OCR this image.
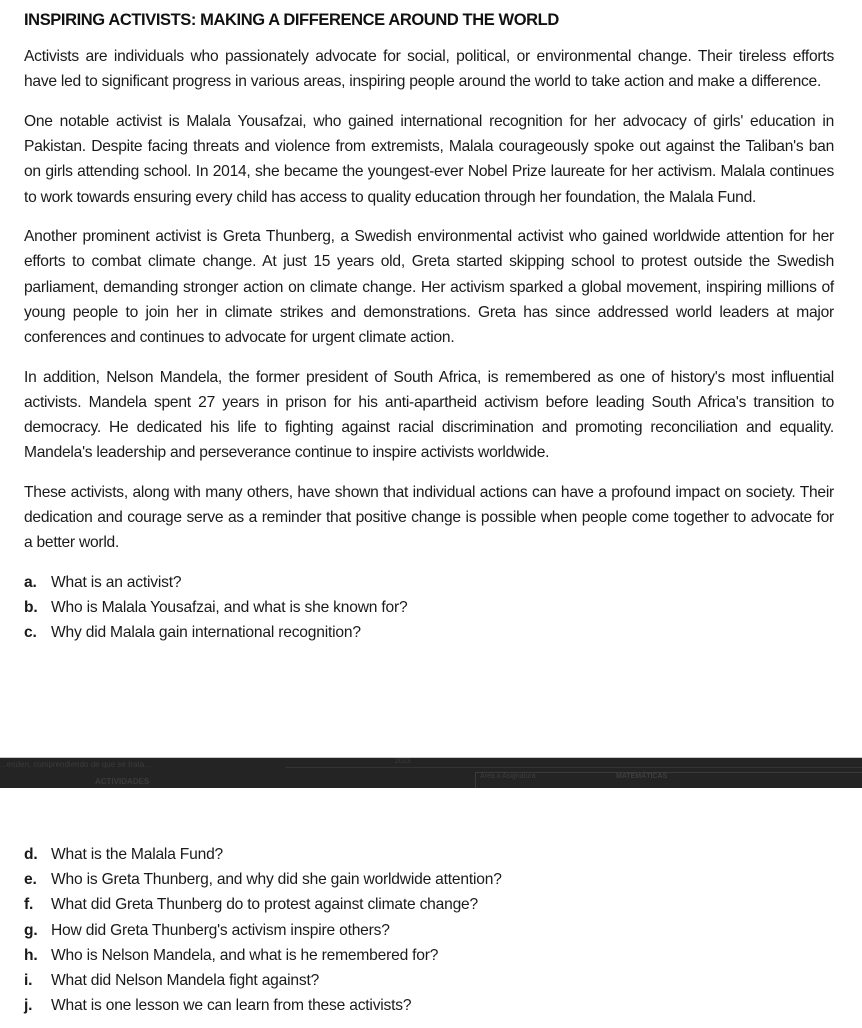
INSPIRING ACTIVISTS: MAKING A DIFFERENCE AROUND THE WORLD

Activists are individuals who passionately advocate for social, political, or environmental change. Their tireless efforts have led to significant progress in various areas, inspiring people around the world to take action and make a difference.

One notable activist is Malala Yousafzai, who gained international recognition for her advocacy of girls' education in Pakistan. Despite facing threats and violence from extremists, Malala courageously spoke out against the Taliban's ban on girls attending school. In 2014, she became the youngest-ever Nobel Prize laureate for her activism. Malala continues to work towards ensuring every child has access to quality education through her foundation, the Malala Fund.

Another prominent activist is Greta Thunberg, a Swedish environmental activist who gained worldwide attention for her efforts to combat climate change. At just 15 years old, Greta started skipping school to protest outside the Swedish parliament, demanding stronger action on climate change. Her activism sparked a global movement, inspiring millions of young people to join her in climate strikes and demonstrations. Greta has since addressed world leaders at major conferences and continues to advocate for urgent climate action.

In addition, Nelson Mandela, the former president of South Africa, is remembered as one of history's most influential activists. Mandela spent 27 years in prison for his anti-apartheid activism before leading South Africa's transition to democracy. He dedicated his life to fighting against racial discrimination and promoting reconciliation and equality. Mandela's leadership and perseverance continue to inspire activists worldwide.

These activists, along with many others, have shown that individual actions can have a profound impact on society. Their dedication and courage serve as a reminder that positive change is possible when people come together to advocate for a better world.

a. What is an activist?
b. Who is Malala Yousafzai, and what is she known for?
c. Why did Malala gain international recognition?
...enden, comprendiendo de que se trata...
ACTIVIDADES
2023
Área o Asignatura	MATEMÁTICAS
d. What is the Malala Fund?
e. Who is Greta Thunberg, and why did she gain worldwide attention?
f.	What did Greta Thunberg do to protest against climate change?
g. How did Greta Thunberg's activism inspire others?
h. Who is Nelson Mandela, and what is he remembered for?
i.	What did Nelson Mandela fight against?
j.	What is one lesson we can learn from these activists?
